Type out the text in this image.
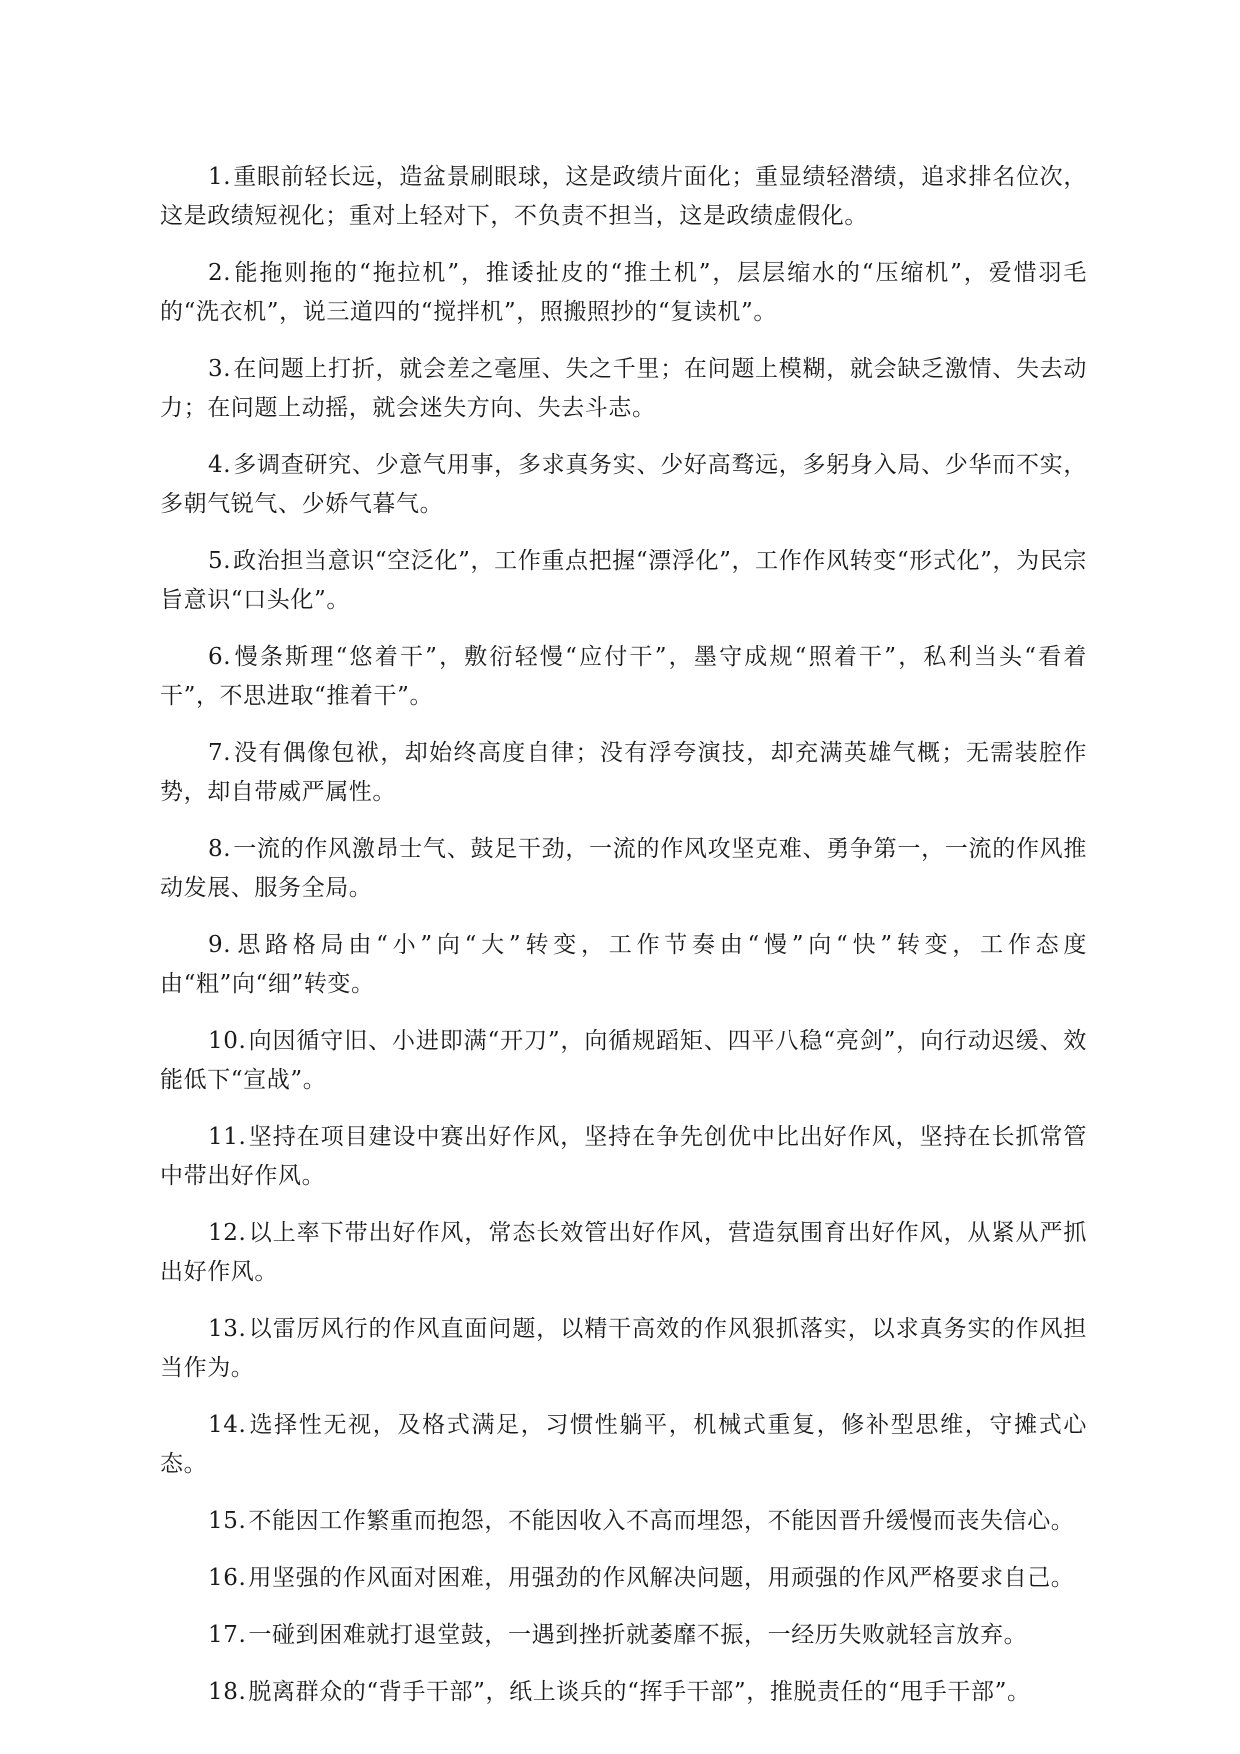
1.重眼前轻长远，造盆景刷眼球，这是政绩片面化；重显绩轻潜绩，追求排名位次，这是政绩短视化；重对上轻对下，不负责不担当，这是政绩虚假化。

2.能拖则拖的“拖拉机”，推诿扯皮的“推土机”，层层缩水的“压缩机”，爱惜羽毛的“洗衣机”，说三道四的“搅拌机”，照搬照抄的“复读机”。

3.在问题上打折，就会差之毫厘、失之千里；在问题上模糊，就会缺乏激情、失去动力；在问题上动摇，就会迷失方向、失去斗志。

4.多调查研究、少意气用事，多求真务实、少好高骛远，多躬身入局、少华而不实，多朝气锐气、少娇气暮气。

5.政治担当意识“空泛化”，工作重点把握“漂浮化”，工作作风转变“形式化”，为民宗旨意识“口头化”。

6.慢条斯理“悠着干”，敷衍轻慢“应付干”，墨守成规“照着干”，私利当头“看着干”，不思进取“推着干”。

7.没有偶像包袱，却始终高度自律；没有浮夸演技，却充满英雄气概；无需装腔作势，却自带威严属性。

8.一流的作风激昂士气、鼓足干劲，一流的作风攻坚克难、勇争第一，一流的作风推动发展、服务全局。

9.思路格局由“小”向“大”转变，工作节奏由“慢”向“快”转变，工作态度由“粗”向“细”转变。

10.向因循守旧、小进即满“开刀”，向循规蹈矩、四平八稳“亮剑”，向行动迟缓、效能低下“宣战”。

11.坚持在项目建设中赛出好作风，坚持在争先创优中比出好作风，坚持在长抓常管中带出好作风。

12.以上率下带出好作风，常态长效管出好作风，营造氛围育出好作风，从紧从严抓出好作风。

13.以雷厉风行的作风直面问题，以精干高效的作风狠抓落实，以求真务实的作风担当作为。

14.选择性无视，及格式满足，习惯性躺平，机械式重复，修补型思维，守摊式心态。

15.不能因工作繁重而抱怨，不能因收入不高而埋怨，不能因晋升缓慢而丧失信心。

16.用坚强的作风面对困难，用强劲的作风解决问题，用顽强的作风严格要求自己。

17.一碰到困难就打退堂鼓，一遇到挫折就萎靡不振，一经历失败就轻言放弃。

18.脱离群众的“背手干部”，纸上谈兵的“挥手干部”，推脱责任的“甩手干部”。
